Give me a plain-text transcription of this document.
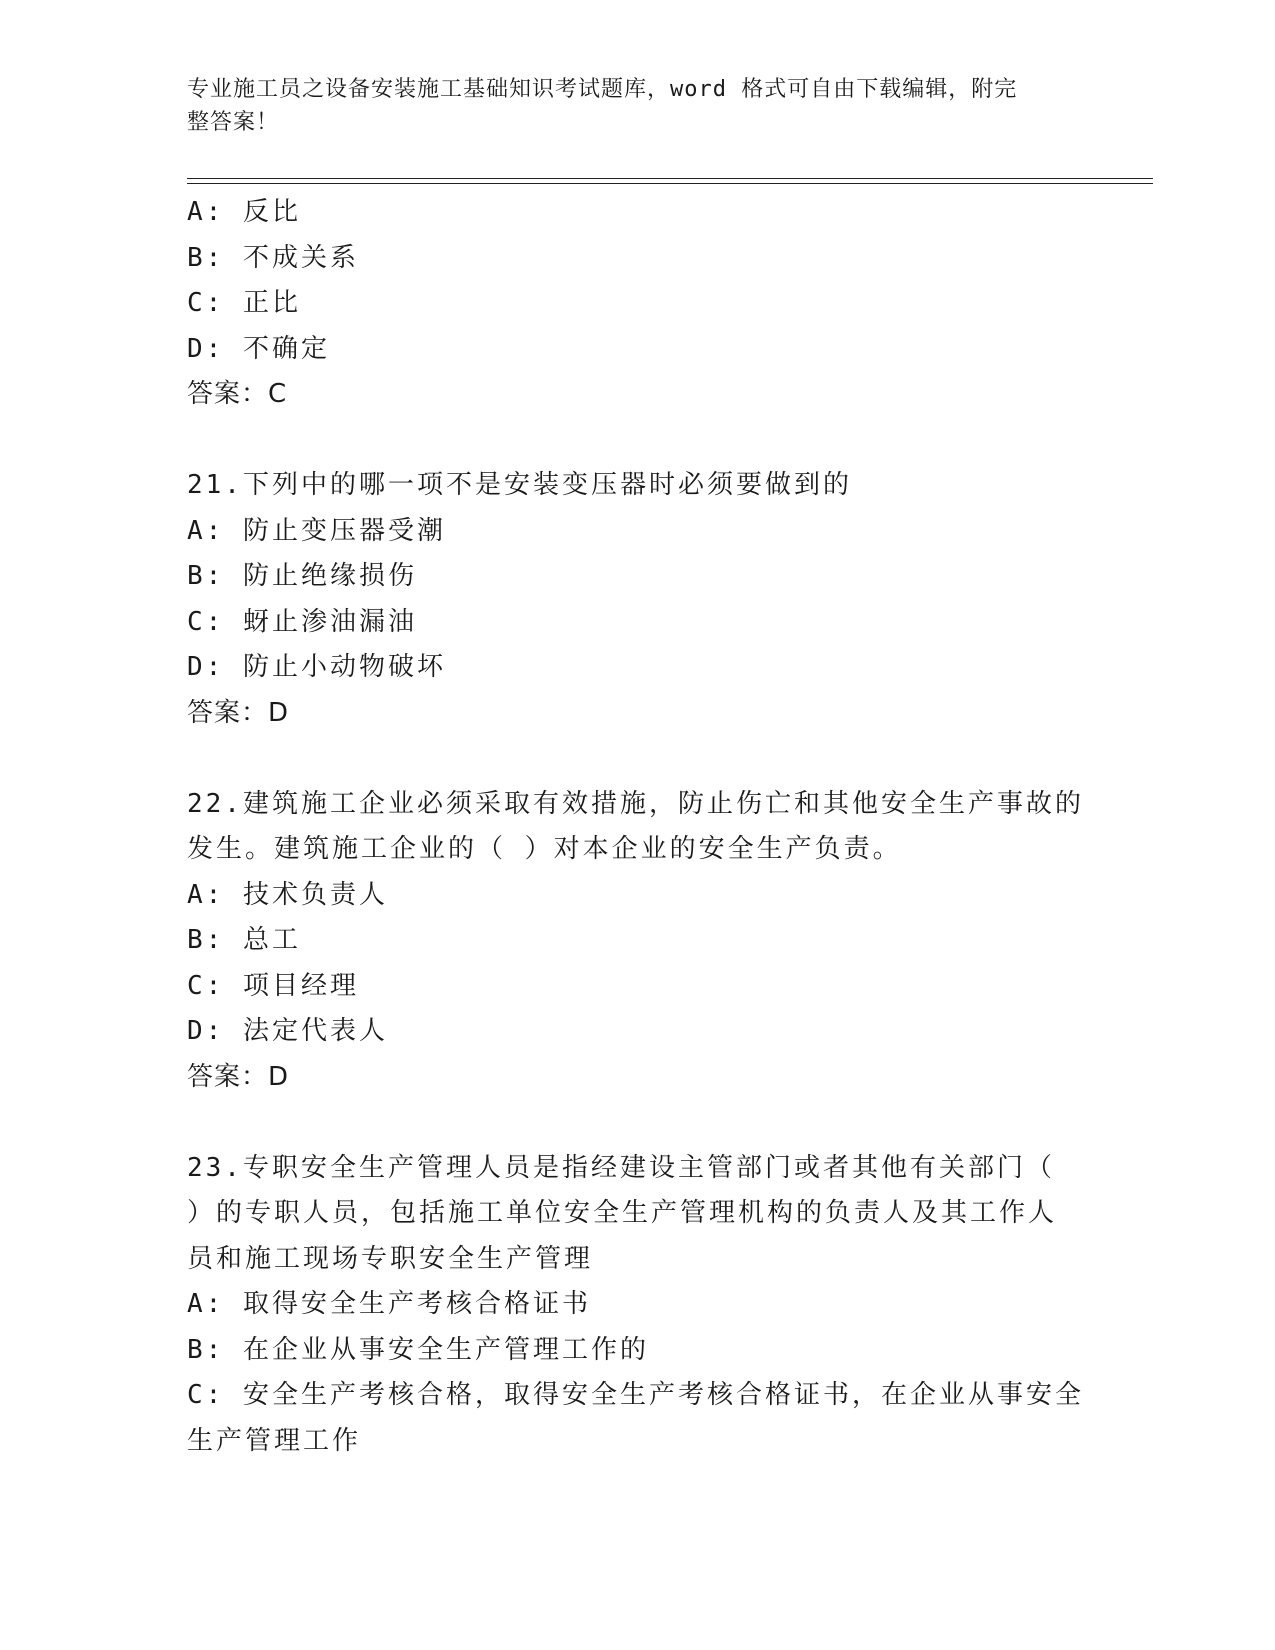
专业施工员之设备安装施工基础知识考试题库，word 格式可自由下载编辑，附完
整答案！
A: 反比
B: 不成关系
C: 正比
D: 不确定
答案：C
21.下列中的哪一项不是安装变压器时必须要做到的
A: 防止变压器受潮
B: 防止绝缘损伤
C: 蚜止渗油漏油
D: 防止小动物破坏
答案：D
22.建筑施工企业必须采取有效措施，防止伤亡和其他安全生产事故的
发生。建筑施工企业的（ ）对本企业的安全生产负责。
A: 技术负责人
B: 总工
C: 项目经理
D: 法定代表人
答案：D
23.专职安全生产管理人员是指经建设主管部门或者其他有关部门（
）的专职人员，包括施工单位安全生产管理机构的负责人及其工作人
员和施工现场专职安全生产管理
A: 取得安全生产考核合格证书
B: 在企业从事安全生产管理工作的
C: 安全生产考核合格，取得安全生产考核合格证书，在企业从事安全
生产管理工作
